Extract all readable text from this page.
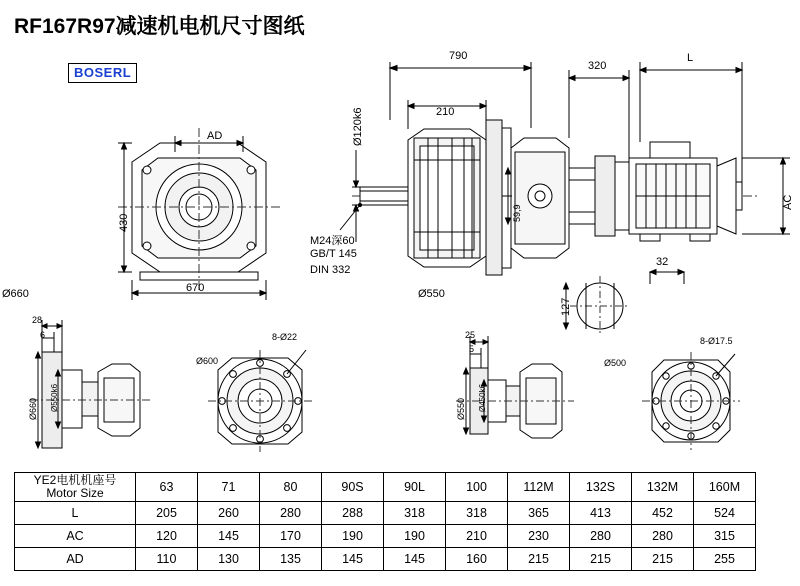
RF167R97减速机电机尺寸图纸
BOSERL
AD
430
670
790
210
320
L
AC
Ø120k6
59,9
M24深60
GB/T 145
DIN 332
32
127
Ø660	Ø550
28
6
Ø660 Ø550k6
Ø600
8-Ø22	25
5
Ø550 Ø450k6
Ø500
8-Ø17.5
YE2电机机座号
Motor Size	63	71	80	90S	90L	100	112M	132S	132M	160M
L	205	260	280	288	318	318	365	413	452	524
AC	120	145	170	190	190	210	230	280	280	315
AD	110	130	135	145	145	160	215	215	215	255
